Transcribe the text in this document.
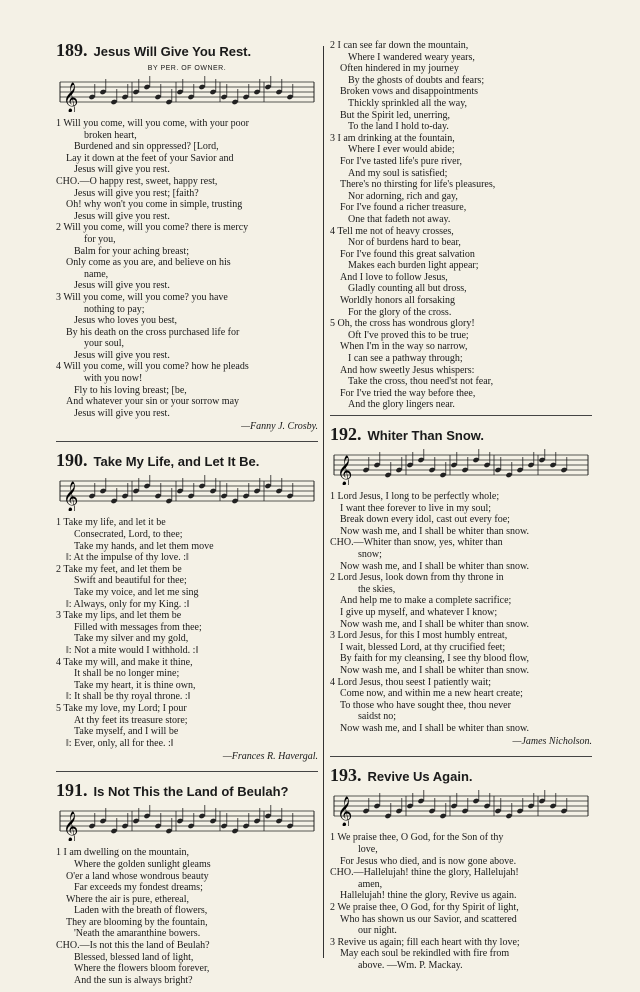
189. Jesus Will Give You Rest.

BY PER. OF OWNER.

𝄞
1 Will you come, will you come, with your poor
broken heart,
Burdened and sin oppressed? [Lord,
Lay it down at the feet of your Savior and
Jesus will give you rest.
CHO.—O happy rest, sweet, happy rest,
Jesus will give you rest; [faith?
Oh! why won't you come in simple, trusting
Jesus will give you rest.
2 Will you come, will you come? there is mercy
for you,
Balm for your aching breast;
Only come as you are, and believe on his
name,
Jesus will give you rest.
3 Will you come, will you come? you have
nothing to pay;
Jesus who loves you best,
By his death on the cross purchased life for
your soul,
Jesus will give you rest.
4 Will you come, will you come? how he pleads
with you now!
Fly to his loving breast; [be,
And whatever your sin or your sorrow may
Jesus will give you rest.

—Fanny J. Crosby.

190. Take My Life, and Let It Be.
𝄞
1 Take my life, and let it be
Consecrated, Lord, to thee;
Take my hands, and let them move
‖: At the impulse of thy love. :‖
2 Take my feet, and let them be
Swift and beautiful for thee;
Take my voice, and let me sing
‖: Always, only for my King. :‖
3 Take my lips, and let them be
Filled with messages from thee;
Take my silver and my gold,
‖: Not a mite would I withhold. :‖
4 Take my will, and make it thine,
It shall be no longer mine;
Take my heart, it is thine own,
‖: It shall be thy royal throne. :‖
5 Take my love, my Lord; I pour
At thy feet its treasure store;
Take myself, and I will be
‖: Ever, only, all for thee. :‖

—Frances R. Havergal.

191. Is Not This the Land of Beulah?
𝄞
1 I am dwelling on the mountain,
Where the golden sunlight gleams
O'er a land whose wondrous beauty
Far exceeds my fondest dreams;
Where the air is pure, ethereal,
Laden with the breath of flowers,
They are blooming by the fountain,
'Neath the amaranthine bowers.
CHO.—Is not this the land of Beulah?
Blessed, blessed land of light,
Where the flowers bloom forever,
And the sun is always bright?
2 I can see far down the mountain,
Where I wandered weary years,
Often hindered in my journey
By the ghosts of doubts and fears;
Broken vows and disappointments
Thickly sprinkled all the way,
But the Spirit led, unerring,
To the land I hold to-day.
3 I am drinking at the fountain,
Where I ever would abide;
For I've tasted life's pure river,
And my soul is satisfied;
There's no thirsting for life's pleasures,
Nor adorning, rich and gay,
For I've found a richer treasure,
One that fadeth not away.
4 Tell me not of heavy crosses,
Nor of burdens hard to bear,
For I've found this great salvation
Makes each burden light appear;
And I love to follow Jesus,
Gladly counting all but dross,
Worldly honors all forsaking
For the glory of the cross.
5 Oh, the cross has wondrous glory!
Oft I've proved this to be true;
When I'm in the way so narrow,
I can see a pathway through;
And how sweetly Jesus whispers:
Take the cross, thou need'st not fear,
For I've tried the way before thee,
And the glory lingers near.
192. Whiter Than Snow.
𝄞
1 Lord Jesus, I long to be perfectly whole;
I want thee forever to live in my soul;
Break down every idol, cast out every foe;
Now wash me, and I shall be whiter than snow.
CHO.—Whiter than snow, yes, whiter than
snow;
Now wash me, and I shall be whiter than snow.
2 Lord Jesus, look down from thy throne in
the skies,
And help me to make a complete sacrifice;
I give up myself, and whatever I know;
Now wash me, and I shall be whiter than snow.
3 Lord Jesus, for this I most humbly entreat,
I wait, blessed Lord, at thy crucified feet;
By faith for my cleansing, I see thy blood flow,
Now wash me, and I shall be whiter than snow.
4 Lord Jesus, thou seest I patiently wait;
Come now, and within me a new heart create;
To those who have sought thee, thou never
saidst no;
Now wash me, and I shall be whiter than snow.

—James Nicholson.

193. Revive Us Again.
𝄞
1 We praise thee, O God, for the Son of thy
love,
For Jesus who died, and is now gone above.
CHO.—Hallelujah! thine the glory, Hallelujah!
amen,
Hallelujah! thine the glory, Revive us again.
2 We praise thee, O God, for thy Spirit of light,
Who has shown us our Savior, and scattered
our night.
3 Revive us again; fill each heart with thy love;
May each soul be rekindled with fire from
above. —Wm. P. Mackay.
